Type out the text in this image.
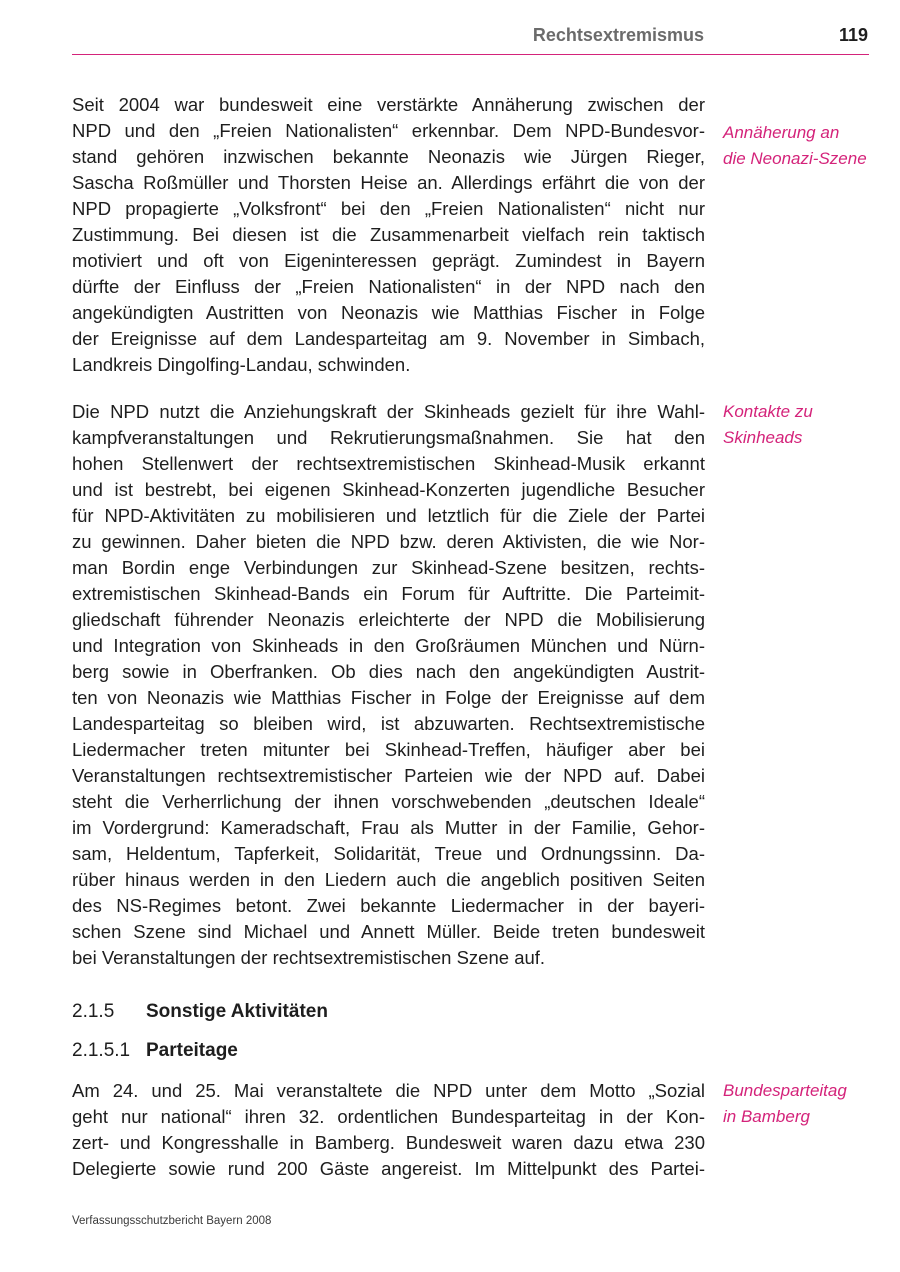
Rechtsextremismus	119
Seit 2004 war bundesweit eine verstärkte Annäherung zwischen der
NPD und den „Freien Nationalisten“ erkennbar. Dem NPD-Bundesvor-
stand gehören inzwischen bekannte Neonazis wie Jürgen Rieger,
Sascha Roßmüller und Thorsten Heise an. Allerdings erfährt die von der
NPD propagierte „Volksfront“ bei den „Freien Nationalisten“ nicht nur
Zustimmung. Bei diesen ist die Zusammenarbeit vielfach rein taktisch
motiviert und oft von Eigeninteressen geprägt. Zumindest in Bayern
dürfte der Einfluss der „Freien Nationalisten“ in der NPD nach den
angekündigten Austritten von Neonazis wie Matthias Fischer in Folge
der Ereignisse auf dem Landesparteitag am 9. November in Simbach,
Landkreis Dingolfing-Landau, schwinden.
Annäherung an
die Neonazi-Szene
Die NPD nutzt die Anziehungskraft der Skinheads gezielt für ihre Wahl-
kampfveranstaltungen und Rekrutierungsmaßnahmen. Sie hat den
hohen Stellenwert der rechtsextremistischen Skinhead-Musik erkannt
und ist bestrebt, bei eigenen Skinhead-Konzerten jugendliche Besucher
für NPD-Aktivitäten zu mobilisieren und letztlich für die Ziele der Partei
zu gewinnen. Daher bieten die NPD bzw. deren Aktivisten, die wie Nor-
man Bordin enge Verbindungen zur Skinhead-Szene besitzen, rechts-
extremistischen Skinhead-Bands ein Forum für Auftritte. Die Parteimit-
gliedschaft führender Neonazis erleichterte der NPD die Mobilisierung
und Integration von Skinheads in den Großräumen München und Nürn-
berg sowie in Oberfranken. Ob dies nach den angekündigten Austrit-
ten von Neonazis wie Matthias Fischer in Folge der Ereignisse auf dem
Landesparteitag so bleiben wird, ist abzuwarten. Rechtsextremistische
Liedermacher treten mitunter bei Skinhead-Treffen, häufiger aber bei
Veranstaltungen rechtsextremistischer Parteien wie der NPD auf. Dabei
steht die Verherrlichung der ihnen vorschwebenden „deutschen Ideale“
im Vordergrund: Kameradschaft, Frau als Mutter in der Familie, Gehor-
sam, Heldentum, Tapferkeit, Solidarität, Treue und Ordnungssinn. Da-
rüber hinaus werden in den Liedern auch die angeblich positiven Seiten
des NS-Regimes betont. Zwei bekannte Liedermacher in der bayeri-
schen Szene sind Michael und Annett Müller. Beide treten bundesweit
bei Veranstaltungen der rechtsextremistischen Szene auf.
Kontakte zu
Skinheads
2.1.5 Sonstige Aktivitäten
2.1.5.1 Parteitage
Am 24. und 25. Mai veranstaltete die NPD unter dem Motto „Sozial
geht nur national“ ihren 32. ordentlichen Bundesparteitag in der Kon-
zert- und Kongresshalle in Bamberg. Bundesweit waren dazu etwa 230
Delegierte sowie rund 200 Gäste angereist. Im Mittelpunkt des Partei-
Bundesparteitag
in Bamberg
Verfassungsschutzbericht Bayern 2008
